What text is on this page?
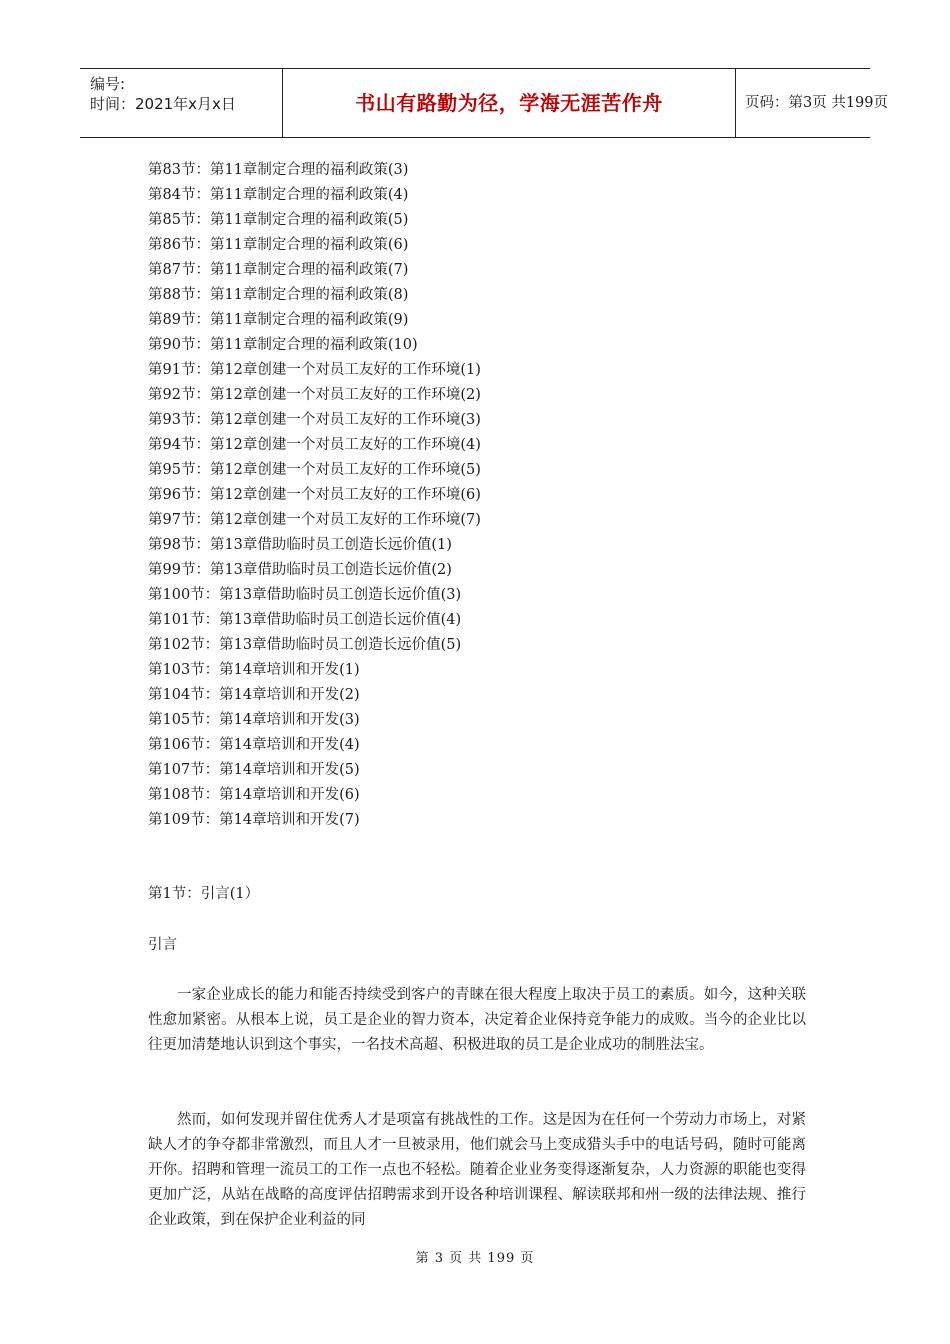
编号:
时间：2021年x月x日	书山有路勤为径，学海无涯苦作舟	页码：第3页 共199页
第83节：第11章制定合理的福利政策(3)
第84节：第11章制定合理的福利政策(4)
第85节：第11章制定合理的福利政策(5)
第86节：第11章制定合理的福利政策(6)
第87节：第11章制定合理的福利政策(7)
第88节：第11章制定合理的福利政策(8)
第89节：第11章制定合理的福利政策(9)
第90节：第11章制定合理的福利政策(10)
第91节：第12章创建一个对员工友好的工作环境(1)
第92节：第12章创建一个对员工友好的工作环境(2)
第93节：第12章创建一个对员工友好的工作环境(3)
第94节：第12章创建一个对员工友好的工作环境(4)
第95节：第12章创建一个对员工友好的工作环境(5)
第96节：第12章创建一个对员工友好的工作环境(6)
第97节：第12章创建一个对员工友好的工作环境(7)
第98节：第13章借助临时员工创造长远价值(1)
第99节：第13章借助临时员工创造长远价值(2)
第100节：第13章借助临时员工创造长远价值(3)
第101节：第13章借助临时员工创造长远价值(4)
第102节：第13章借助临时员工创造长远价值(5)
第103节：第14章培训和开发(1)
第104节：第14章培训和开发(2)
第105节：第14章培训和开发(3)
第106节：第14章培训和开发(4)
第107节：第14章培训和开发(5)
第108节：第14章培训和开发(6)
第109节：第14章培训和开发(7)
第1节：引言(1）
引言

一家企业成长的能力和能否持续受到客户的青睐在很大程度上取决于员工的素质。如今，这种关联性愈加紧密。从根本上说，员工是企业的智力资本，决定着企业保持竞争能力的成败。当今的企业比以往更加清楚地认识到这个事实，一名技术高超、积极进取的员工是企业成功的制胜法宝。

然而，如何发现并留住优秀人才是项富有挑战性的工作。这是因为在任何一个劳动力市场上，对紧缺人才的争夺都非常激烈，而且人才一旦被录用，他们就会马上变成猎头手中的电话号码，随时可能离开你。招聘和管理一流员工的工作一点也不轻松。随着企业业务变得逐渐复杂，人力资源的职能也变得更加广泛，从站在战略的高度评估招聘需求到开设各种培训课程、解读联邦和州一级的法律法规、推行企业政策，到在保护企业利益的同

第 3 页 共 199 页
